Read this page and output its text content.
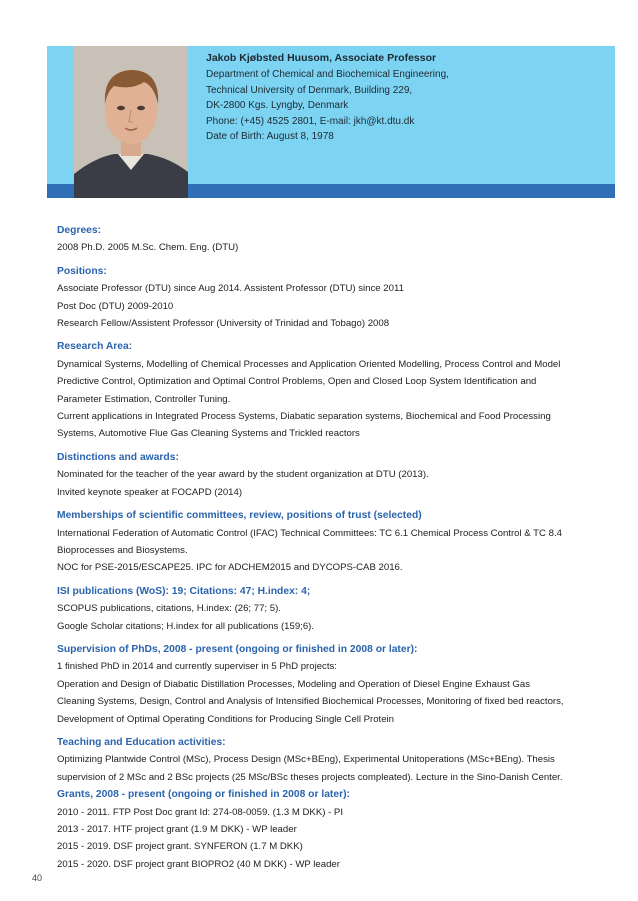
Jakob Kjøbsted Huusom, Associate Professor
Department of Chemical and Biochemical Engineering,
Technical University of Denmark, Building 229,
DK-2800 Kgs. Lyngby, Denmark
Phone: (+45) 4525 2801, E-mail: jkh@kt.dtu.dk
Date of Birth: August 8, 1978

Degrees:

2008 Ph.D. 2005 M.Sc. Chem. Eng. (DTU)

Positions:

Associate Professor (DTU) since Aug 2014. Assistent Professor (DTU) since 2011

Post Doc (DTU) 2009-2010

Research Fellow/Assistent Professor (University of Trinidad and Tobago) 2008

Research Area:

Dynamical Systems, Modelling of Chemical Processes and Application Oriented Modelling, Process Control and Model

Predictive Control, Optimization and Optimal Control Problems, Open and Closed Loop System Identification and

Parameter Estimation, Controller Tuning.

Current applications in Integrated Process Systems, Diabatic separation systems, Biochemical and Food Processing

Systems, Automotive Flue Gas Cleaning Systems and Trickled reactors

Distinctions and awards:

Nominated for the teacher of the year award by the student organization at DTU (2013).

Invited keynote speaker at FOCAPD (2014)

Memberships of scientific committees, review, positions of trust (selected)

International Federation of Automatic Control (IFAC) Technical Committees: TC 6.1 Chemical Process Control & TC 8.4

Bioprocesses and Biosystems.

NOC for PSE-2015/ESCAPE25. IPC for ADCHEM2015 and DYCOPS-CAB 2016.

ISI publications (WoS): 19; Citations: 47; H.index: 4;

SCOPUS publications, citations, H.index: (26; 77; 5).

Google Scholar citations; H.index for all publications (159;6).

Supervision of PhDs, 2008 - present (ongoing or finished in 2008 or later):

1 finished PhD in 2014 and currently superviser in 5 PhD projects:

Operation and Design of Diabatic Distillation Processes, Modeling and Operation of Diesel Engine Exhaust Gas

Cleaning Systems, Design, Control and Analysis of Intensified Biochemical Processes, Monitoring of fixed bed reactors,

Development of Optimal Operating Conditions for Producing Single Cell Protein

Teaching and Education activities:

Optimizing Plantwide Control (MSc), Process Design (MSc+BEng), Experimental Unitoperations (MSc+BEng). Thesis

supervision of 2 MSc and 2 BSc projects (25 MSc/BSc theses projects compleated). Lecture in the Sino-Danish Center.

Grants, 2008 - present (ongoing or finished in 2008 or later):

2010 - 2011. FTP Post Doc grant Id: 274-08-0059. (1.3 M DKK) - PI

2013 - 2017. HTF project grant (1.9 M DKK) - WP leader

2015 - 2019. DSF project grant. SYNFERON (1.7 M DKK)

2015 - 2020. DSF project grant BIOPRO2 (40 M DKK) - WP leader

40
